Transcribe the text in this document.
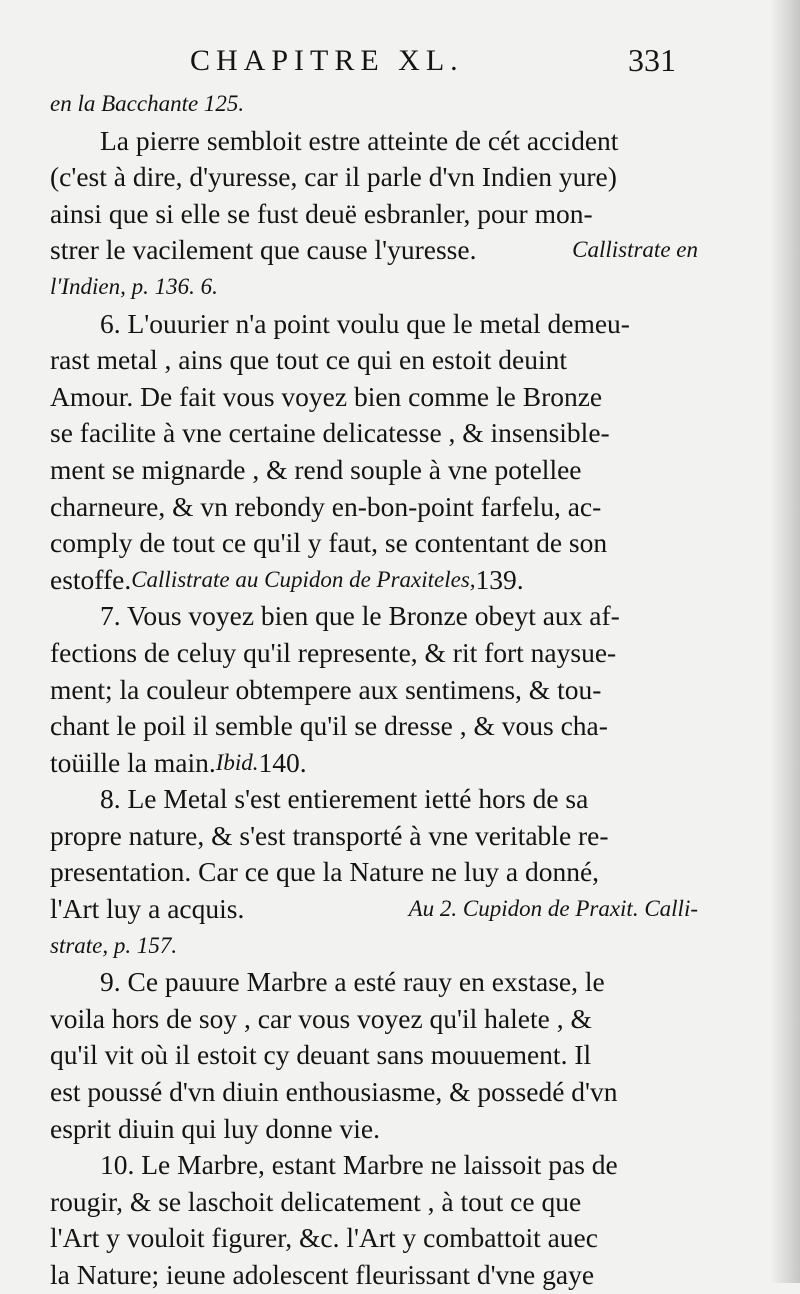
CHAPITRE XL.	331
en la Bacchante 125.
La pierre sembloit estre atteinte de cét accident
(c'est à dire, d'yuresse, car il parle d'vn Indien yure)
ainsi que si elle se fust deuë esbranler, pour mon-
strer le vacilement que cause l'yuresse.	Callistrate en
l'Indien, p. 136. 6.
6. L'ouurier n'a point voulu que le metal demeu-
rast metal , ains que tout ce qui en estoit deuint
Amour. De fait vous voyez bien comme le Bronze
se facilite à vne certaine delicatesse , & insensible-
ment se mignarde , & rend souple à vne potellee
charneure, & vn rebondy en-bon-point farfelu, ac-
comply de tout ce qu'il y faut, se contentant de son
estoffe. Callistrate au Cupidon de Praxiteles, 139.
7. Vous voyez bien que le Bronze obeyt aux af-
fections de celuy qu'il represente, & rit fort naysue-
ment; la couleur obtempere aux sentimens, & tou-
chant le poil il semble qu'il se dresse , & vous cha-
toüille la main. Ibid. 140.
8. Le Metal s'est entierement ietté hors de sa
propre nature, & s'est transporté à vne veritable re-
presentation. Car ce que la Nature ne luy a donné,
l'Art luy a acquis.	Au 2. Cupidon de Praxit. Calli-
strate, p. 157.
9. Ce pauure Marbre a esté rauy en exstase, le
voila hors de soy , car vous voyez qu'il halete , &
qu'il vit où il estoit cy deuant sans mouuement. Il
est poussé d'vn diuin enthousiasme, & possedé d'vn
esprit diuin qui luy donne vie.
10. Le Marbre, estant Marbre ne laissoit pas de
rougir, & se laschoit delicatement , à tout ce que
l'Art y vouloit figurer, &c. l'Art y combattoit auec
la Nature; ieune adolescent fleurissant d'vne gaye
